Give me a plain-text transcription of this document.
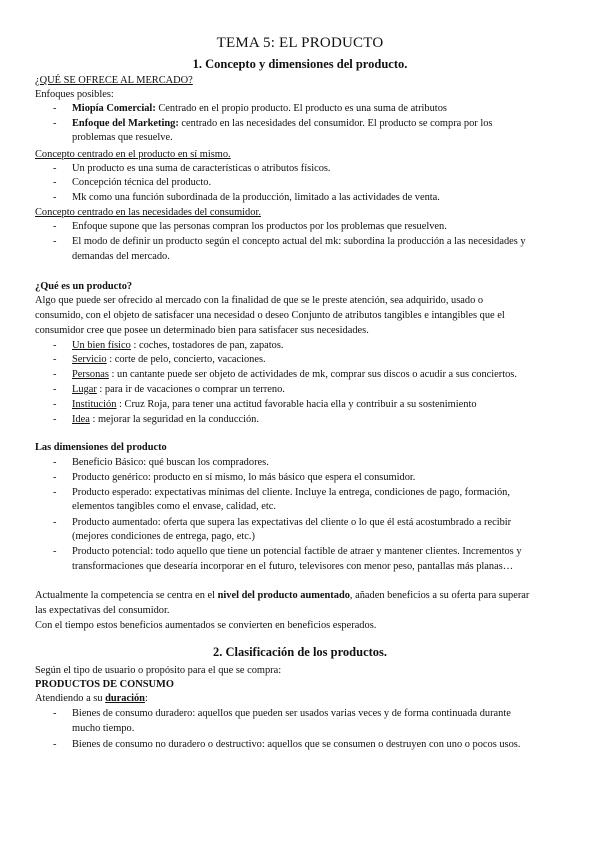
TEMA 5: EL PRODUCTO
1. Concepto y dimensiones del producto.
¿QUÉ SE OFRECE AL MERCADO?
Enfoques posibles:
- Miopía Comercial: Centrado en el propio producto. El producto es una suma de atributos
- Enfoque del Marketing: centrado en las necesidades del consumidor. El producto se compra por los
problemas que resuelve.
Concepto centrado en el producto en sí mismo.
- Un producto es una suma de características o atributos físicos.
- Concepción técnica del producto.
- Mk como una función subordinada de la producción, limitado a las actividades de venta.
Concepto centrado en las necesidades del consumidor.
- Enfoque supone que las personas compran los productos por los problemas que resuelven.
- El modo de definir un producto según el concepto actual del mk: subordina la producción a las necesidades y
demandas del mercado.
¿Qué es un producto?
Algo que puede ser ofrecido al mercado con la finalidad de que se le preste atención, sea adquirido, usado o
consumido, con el objeto de satisfacer una necesidad o deseo Conjunto de atributos tangibles e intangibles que el
consumidor cree que posee un determinado bien para satisfacer sus necesidades.
- Un bien físico : coches, tostadores de pan, zapatos.
- Servicio : corte de pelo, concierto, vacaciones.
- Personas : un cantante puede ser objeto de actividades de mk, comprar sus discos o acudir a sus conciertos.
- Lugar : para ir de vacaciones o comprar un terreno.
- Institución : Cruz Roja, para tener una actitud favorable hacia ella y contribuir a su sostenimiento
- Idea : mejorar la seguridad en la conducción.
Las dimensiones del producto
- Beneficio Básico: qué buscan los compradores.
- Producto genérico: producto en sí mismo, lo más básico que espera el consumidor.
- Producto esperado: expectativas mínimas del cliente. Incluye la entrega, condiciones de pago, formación,
elementos tangibles como el envase, calidad, etc.
- Producto aumentado: oferta que supera las expectativas del cliente o lo que él está acostumbrado a recibir
(mejores condiciones de entrega, pago, etc.)
- Producto potencial: todo aquello que tiene un potencial factible de atraer y mantener clientes. Incrementos y
transformaciones que desearía incorporar en el futuro, televisores con menor peso, pantallas más planas…
Actualmente la competencia se centra en el nivel del producto aumentado, añaden beneficios a su oferta para superar
las expectativas del consumidor.
Con el tiempo estos beneficios aumentados se convierten en beneficios esperados.
2. Clasificación de los productos.
Según el tipo de usuario o propósito para el que se compra:
PRODUCTOS DE CONSUMO
Atendiendo a su duración:
- Bienes de consumo duradero: aquellos que pueden ser usados varias veces y de forma continuada durante
mucho tiempo.
- Bienes de consumo no duradero o destructivo: aquellos que se consumen o destruyen con uno o pocos usos.
